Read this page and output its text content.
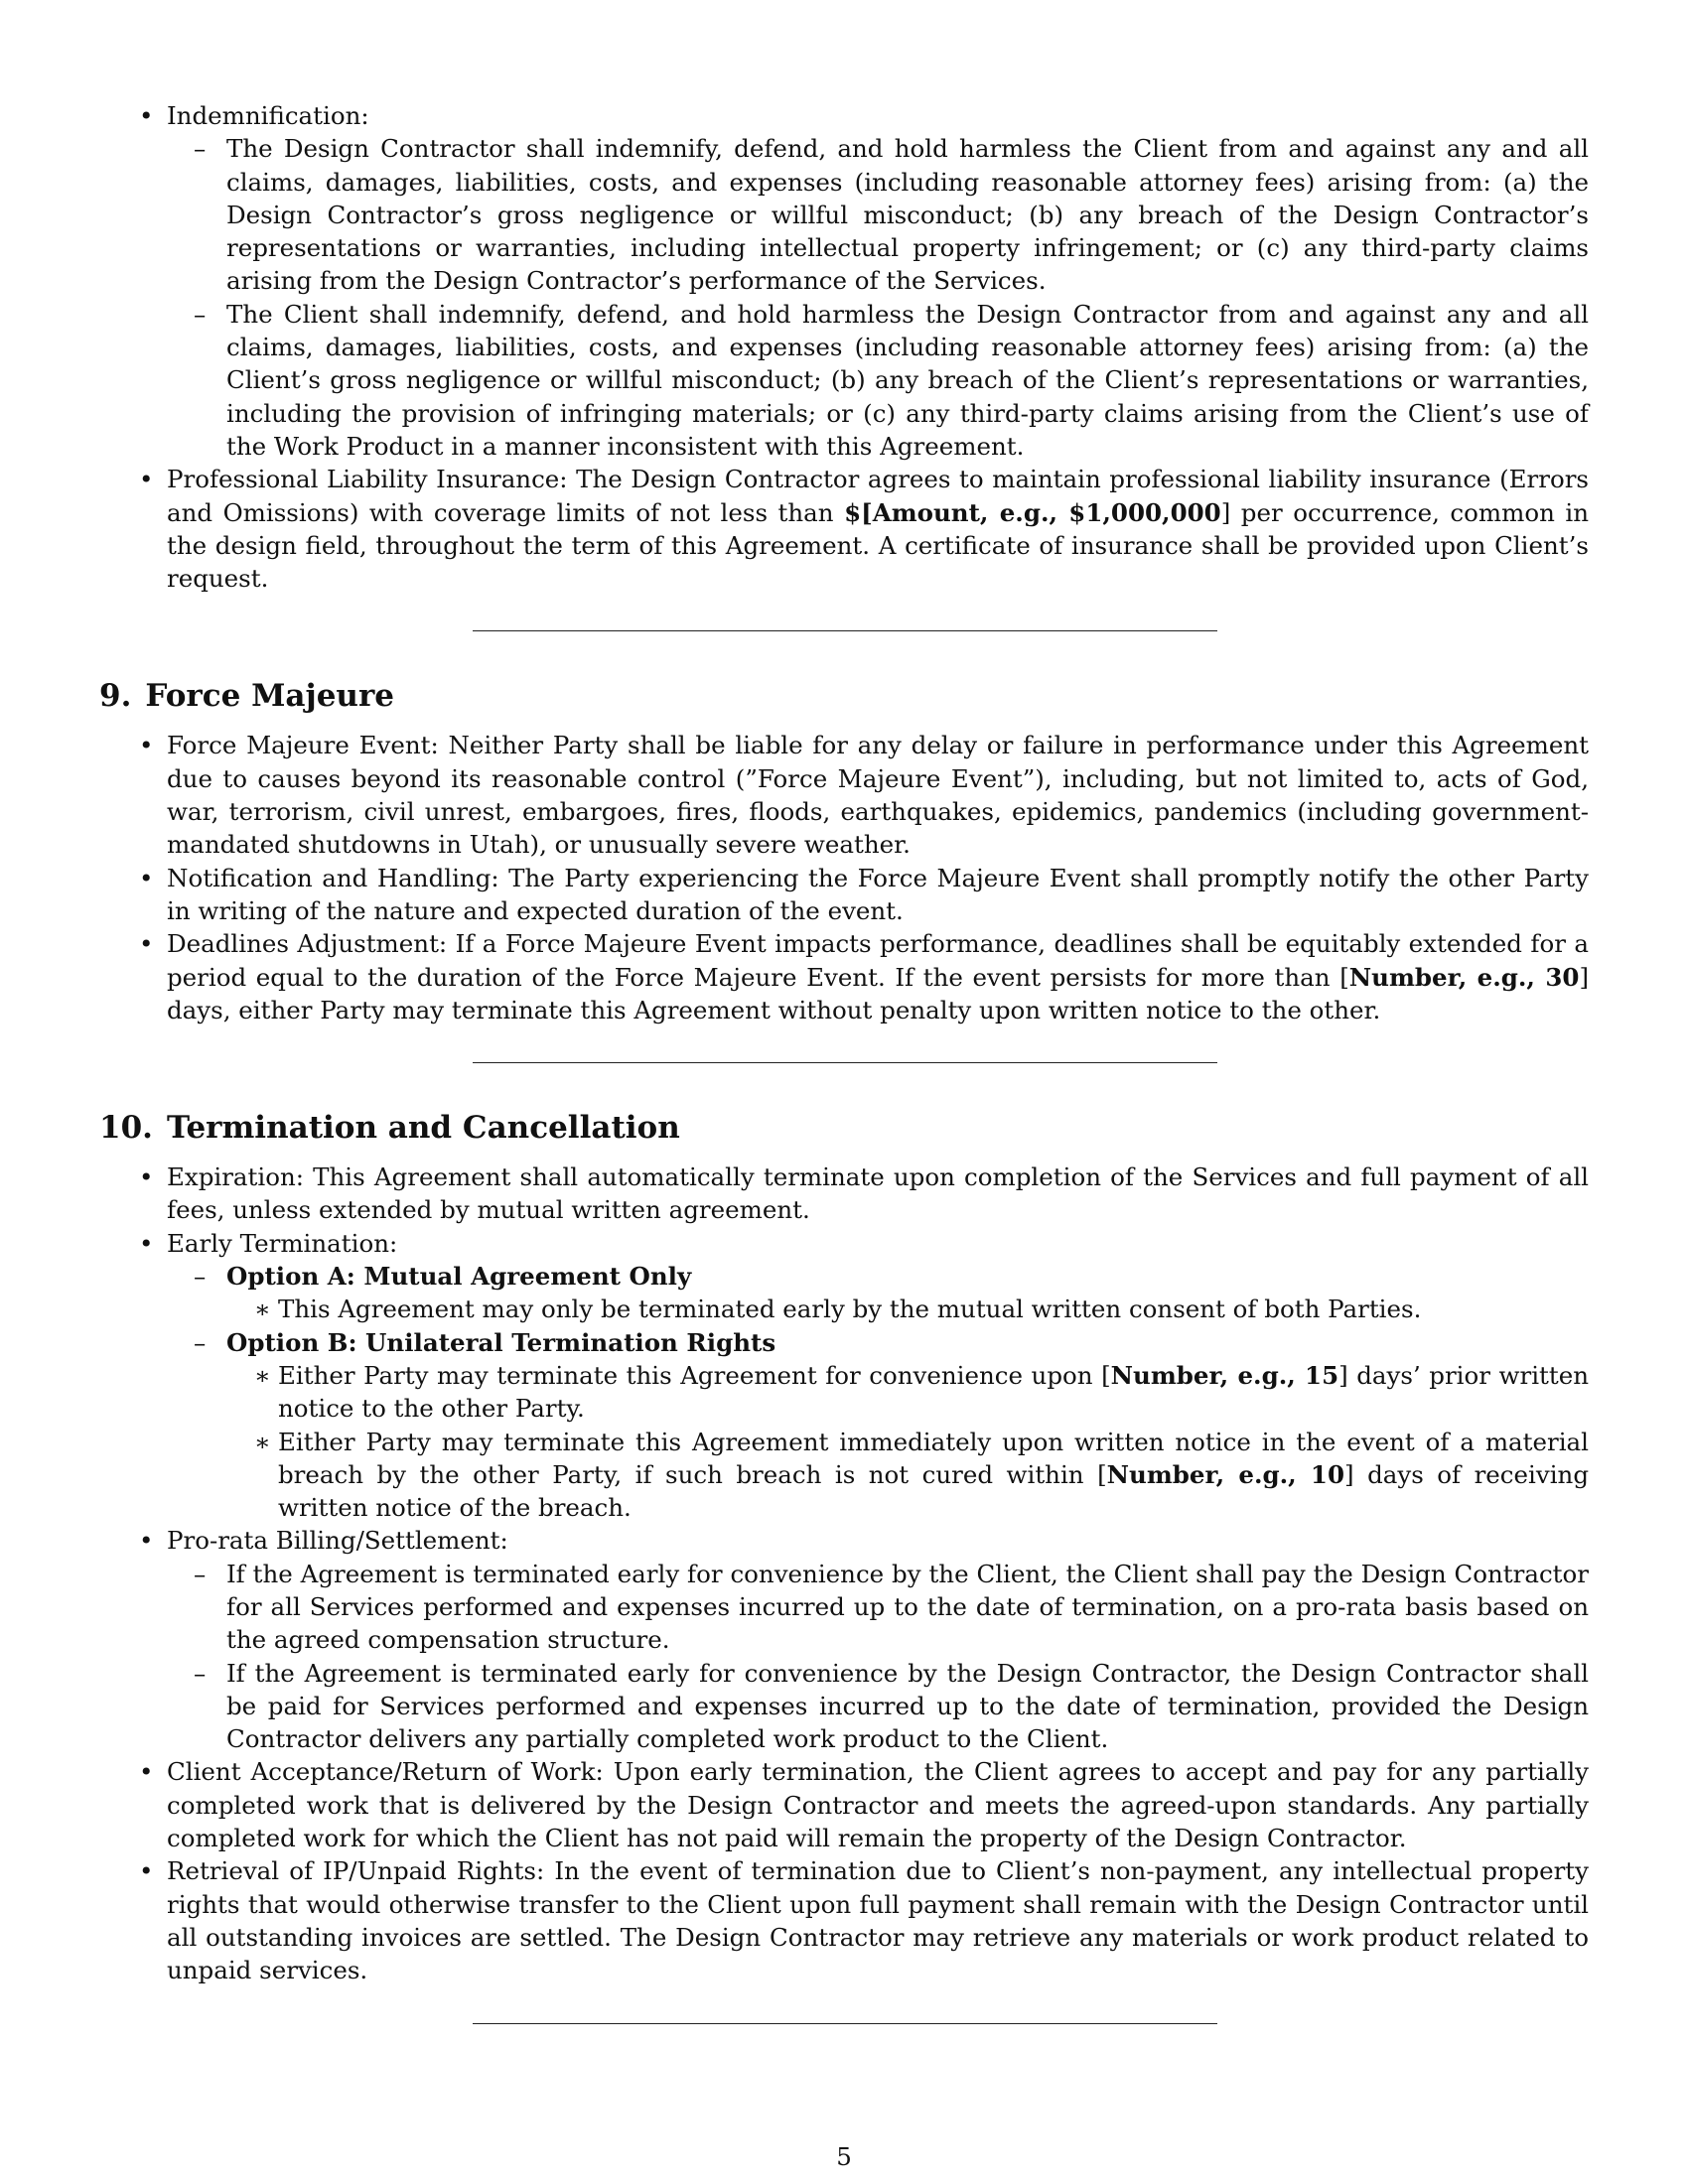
• Indemnification:
– The Design Contractor shall indemnify, defend, and hold harmless the Client from and against any and all claims, damages, liabilities, costs, and expenses (including reasonable attorney fees) arising from: (a) the Design Contractor’s gross negligence or willful misconduct; (b) any breach of the Design Contractor’s representations or warranties, including intellectual property infringement; or (c) any third-party claims arising from the Design Contractor’s performance of the Services.
– The Client shall indemnify, defend, and hold harmless the Design Contractor from and against any and all claims, damages, liabilities, costs, and expenses (including reasonable attorney fees) arising from: (a) the Client’s gross negligence or willful misconduct; (b) any breach of the Client’s representations or warranties, including the provision of infringing materials; or (c) any third-party claims arising from the Client’s use of the Work Product in a manner inconsistent with this Agreement.
• Professional Liability Insurance: The Design Contractor agrees to maintain professional liability insurance (Errors and Omissions) with coverage limits of not less than $[Amount, e.g., $1,000,000] per occurrence, common in the design field, throughout the term of this Agreement. A certificate of insurance shall be provided upon Client’s request.
9. Force Majeure
• Force Majeure Event: Neither Party shall be liable for any delay or failure in performance under this Agreement due to causes beyond its reasonable control (”Force Majeure Event”), including, but not limited to, acts of God, war, terrorism, civil unrest, embargoes, fires, floods, earthquakes, epidemics, pandemics (including government-mandated shutdowns in Utah), or unusually severe weather.
• Notification and Handling: The Party experiencing the Force Majeure Event shall promptly notify the other Party in writing of the nature and expected duration of the event.
• Deadlines Adjustment: If a Force Majeure Event impacts performance, deadlines shall be equitably extended for a period equal to the duration of the Force Majeure Event. If the event persists for more than [Number, e.g., 30] days, either Party may terminate this Agreement without penalty upon written notice to the other.
10. Termination and Cancellation
• Expiration: This Agreement shall automatically terminate upon completion of the Services and full payment of all fees, unless extended by mutual written agreement.
• Early Termination:
– Option A: Mutual Agreement Only
∗ This Agreement may only be terminated early by the mutual written consent of both Parties.
– Option B: Unilateral Termination Rights
∗ Either Party may terminate this Agreement for convenience upon [Number, e.g., 15] days’ prior written notice to the other Party.
∗ Either Party may terminate this Agreement immediately upon written notice in the event of a material breach by the other Party, if such breach is not cured within [Number, e.g., 10] days of receiving written notice of the breach.
• Pro-rata Billing/Settlement:
– If the Agreement is terminated early for convenience by the Client, the Client shall pay the Design Contractor for all Services performed and expenses incurred up to the date of termination, on a pro-rata basis based on the agreed compensation structure.
– If the Agreement is terminated early for convenience by the Design Contractor, the Design Contractor shall be paid for Services performed and expenses incurred up to the date of termination, provided the Design Contractor delivers any partially completed work product to the Client.
• Client Acceptance/Return of Work: Upon early termination, the Client agrees to accept and pay for any partially completed work that is delivered by the Design Contractor and meets the agreed-upon standards. Any partially completed work for which the Client has not paid will remain the property of the Design Contractor.
• Retrieval of IP/Unpaid Rights: In the event of termination due to Client’s non-payment, any intellectual property rights that would otherwise transfer to the Client upon full payment shall remain with the Design Contractor until all outstanding invoices are settled. The Design Contractor may retrieve any materials or work product related to unpaid services.
5
